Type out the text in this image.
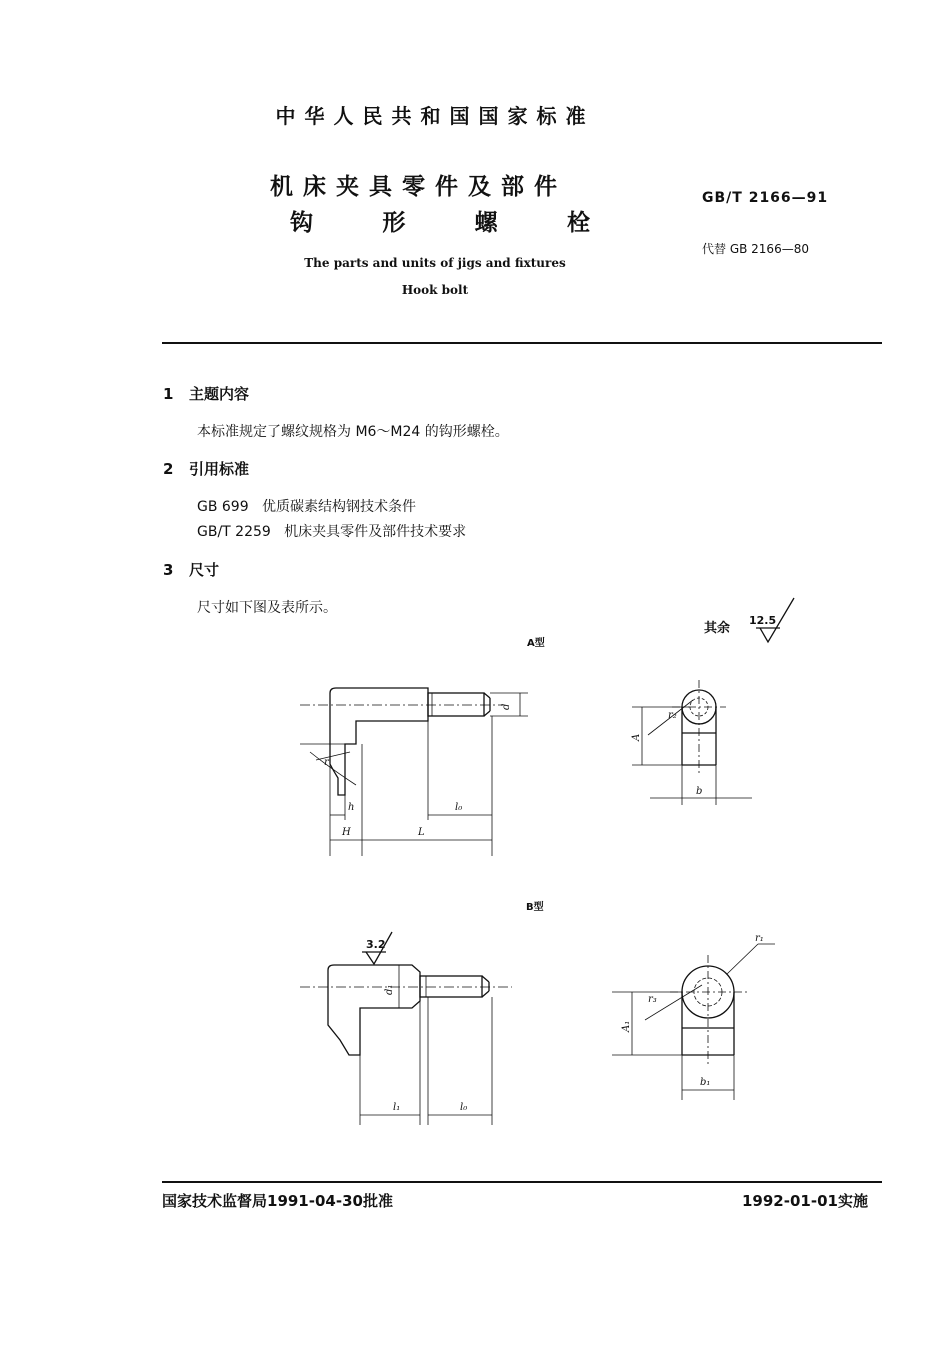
中华人民共和国国家标准
机床夹具零件及部件
钩	形	螺	栓
The parts and units of jigs and fixtures
Hook bolt
GB/T 2166—91
代替 GB 2166—80
1 主题内容
本标准规定了螺纹规格为 M6～M24 的钩形螺栓。
2 引用标准
GB 699   优质碳素结构钢技术条件
GB/T 2259   机床夹具零件及部件技术要求
3 尺寸
尺寸如下图及表所示。
其余
A型
B型
12.5
3.2
d
h
H	L
l₀
r
A
r₂
b
d₁
l₁	l₀
A₁
r₁
r₃
b₁
国家技术监督局1991-04-30批准	1992-01-01实施
